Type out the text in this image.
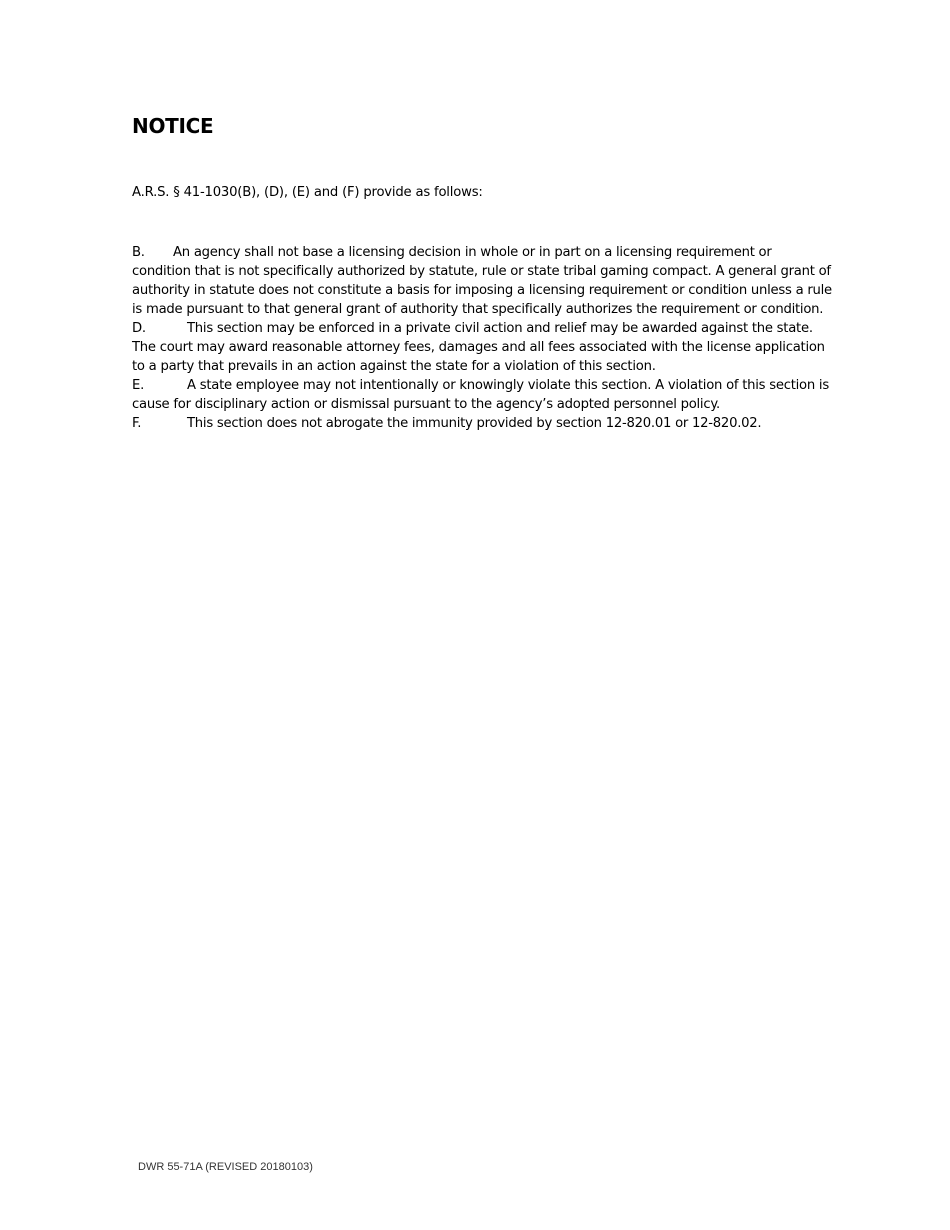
NOTICE

A.R.S. § 41-1030(B), (D), (E) and (F) provide as follows:

B. An agency shall not base a licensing decision in whole or in part on a licensing requirement or condition that is not specifically authorized by statute, rule or state tribal gaming compact. A general grant of authority in statute does not constitute a basis for imposing a licensing requirement or condition unless a rule is made pursuant to that general grant of authority that specifically authorizes the requirement or condition.

D.	This section may be enforced in a private civil action and relief may be awarded against the state. The court may award reasonable attorney fees, damages and all fees associated with the license application to a party that prevails in an action against the state for a violation of this section.

E.	A state employee may not intentionally or knowingly violate this section. A violation of this section is cause for disciplinary action or dismissal pursuant to the agency’s adopted personnel policy.

F.	This section does not abrogate the immunity provided by section 12-820.01 or 12-820.02.

DWR 55-71A (REVISED 20180103)
